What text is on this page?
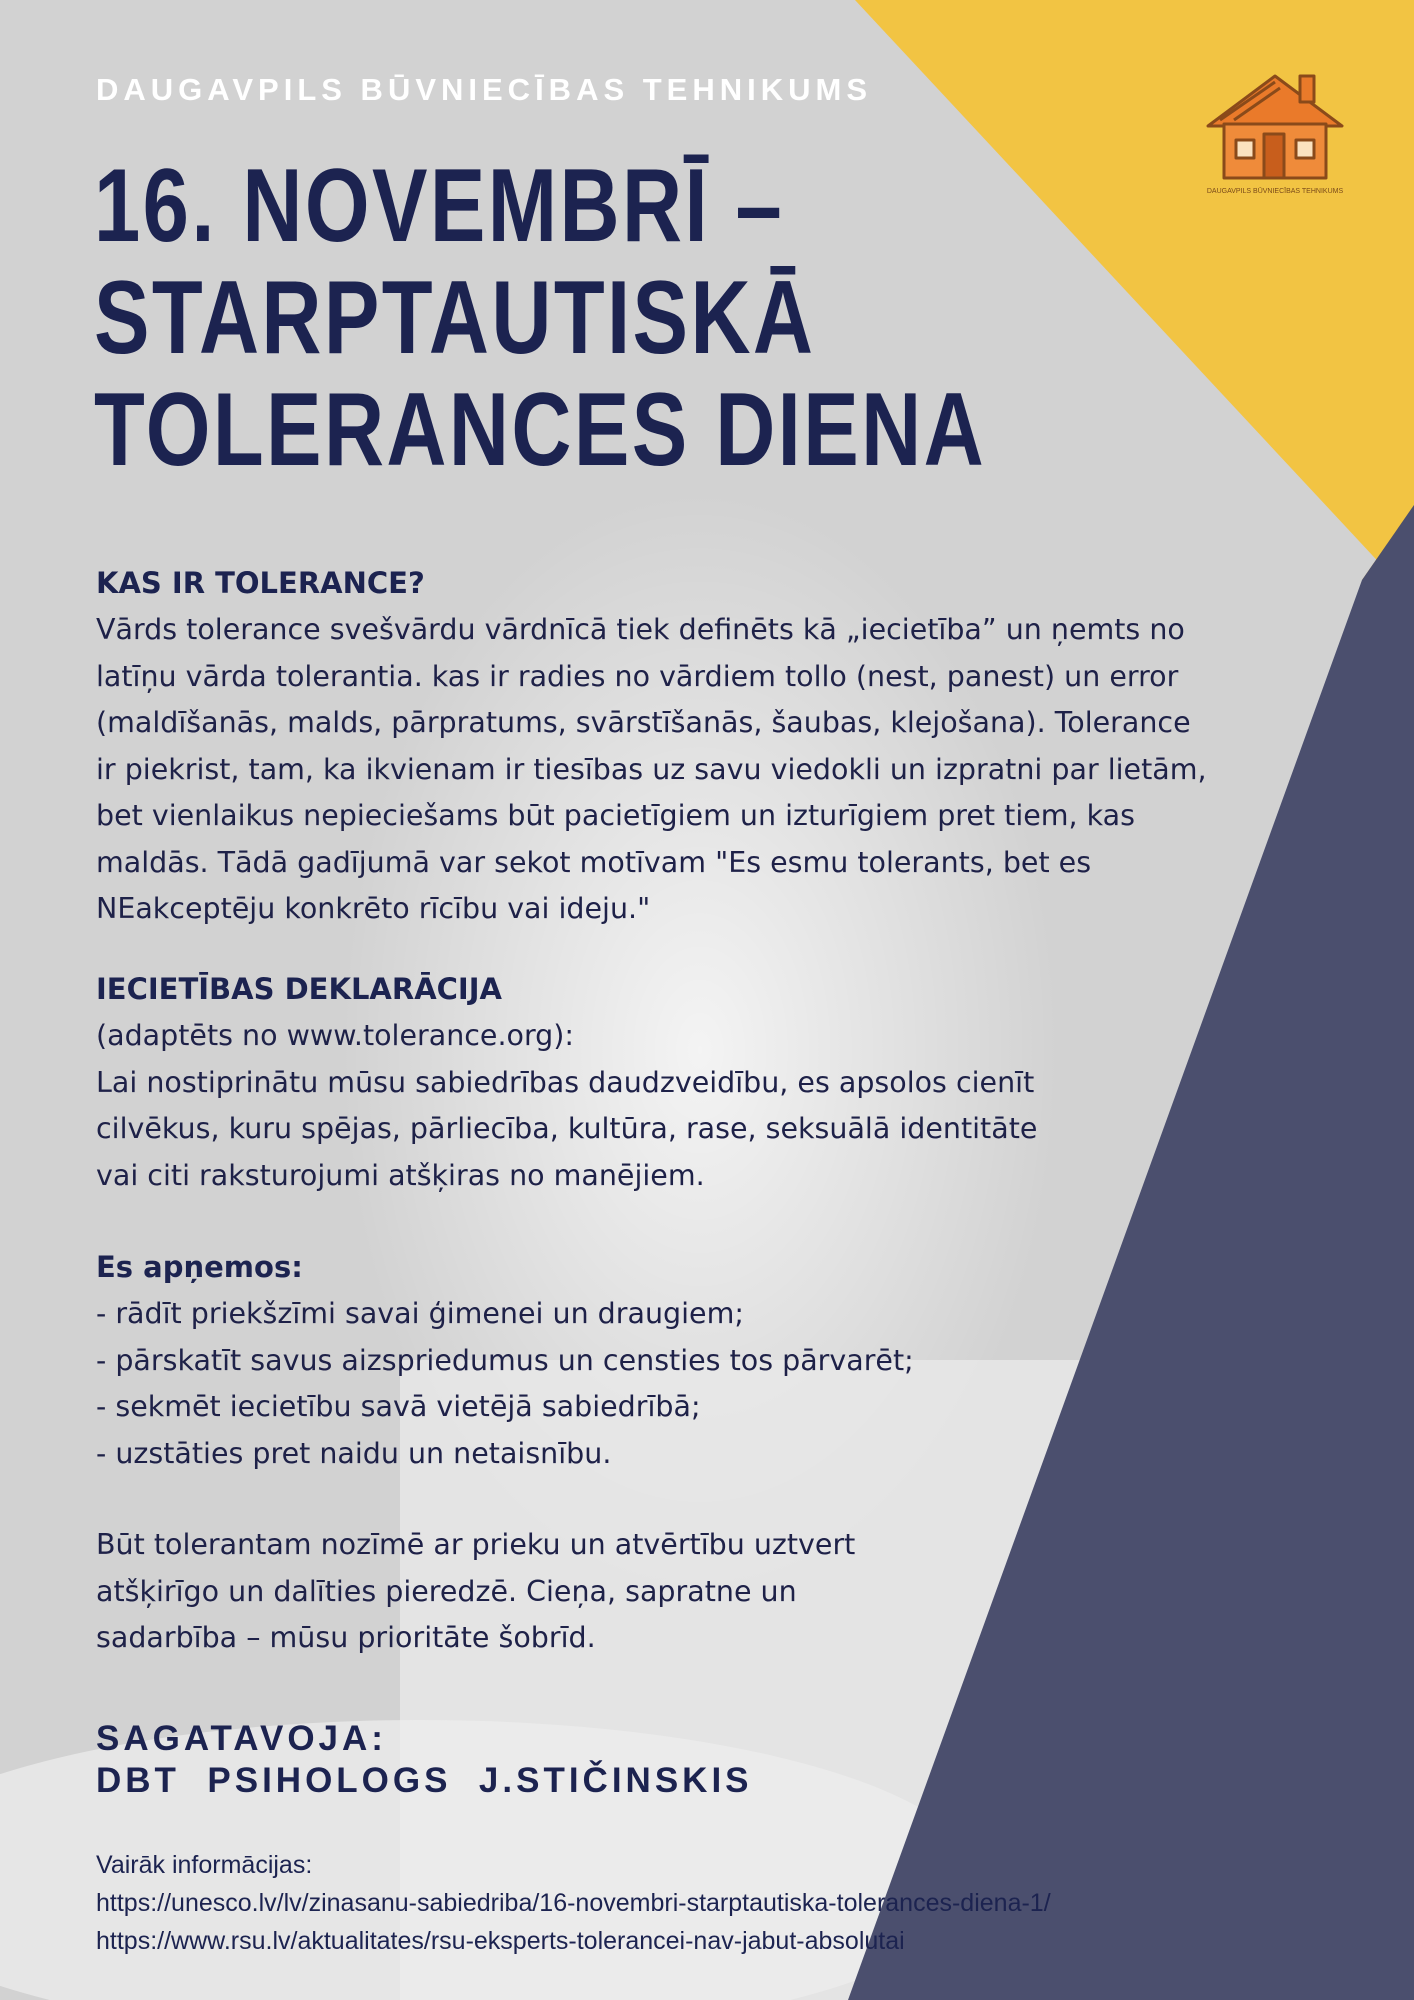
DAUGAVPILS BŪVNIECĪBAS TEHNIKUMS
16. NOVEMBRĪ –
STARPTAUTISKĀ
TOLERANCES DIENA
DAUGAVPILS BŪVNIECĪBAS TEHNIKUMS
KAS IR TOLERANCE?

Vārds tolerance svešvārdu vārdnīcā tiek definēts kā „iecietība” un ņemts no

latīņu vārda tolerantia. kas ir radies no vārdiem tollo (nest, panest) un error

(maldīšanās, malds, pārpratums, svārstīšanās, šaubas, klejošana). Tolerance

ir piekrist, tam, ka ikvienam ir tiesības uz savu viedokli un izpratni par lietām,

bet vienlaikus nepieciešams būt pacietīgiem un izturīgiem pret tiem, kas

maldās. Tādā gadījumā var sekot motīvam "Es esmu tolerants, bet es

NEakceptēju konkrēto rīcību vai ideju."

IECIETĪBAS DEKLARĀCIJA

(adaptēts no www.tolerance.org):

Lai nostiprinātu mūsu sabiedrības daudzveidību, es apsolos cienīt

cilvēkus, kuru spējas, pārliecība, kultūra, rase, seksuālā identitāte

vai citi raksturojumi atšķiras no manējiem.

Es apņemos:

- rādīt priekšzīmi savai ģimenei un draugiem;

- pārskatīt savus aizspriedumus un censties tos pārvarēt;

- sekmēt iecietību savā vietējā sabiedrībā;

- uzstāties pret naidu un netaisnību.

Būt tolerantam nozīmē ar prieku un atvērtību uztvert

atšķirīgo un dalīties pieredzē. Cieņa, sapratne un

sadarbība – mūsu prioritāte šobrīd.

SAGATAVOJA:
DBT  PSIHOLOGS  J.STIČINSKIS
Vairāk informācijas:
https://unesco.lv/lv/zinasanu-sabiedriba/16-novembri-starptautiska-tolerances-diena-1/
https://www.rsu.lv/aktualitates/rsu-eksperts-tolerancei-nav-jabut-absolutai
